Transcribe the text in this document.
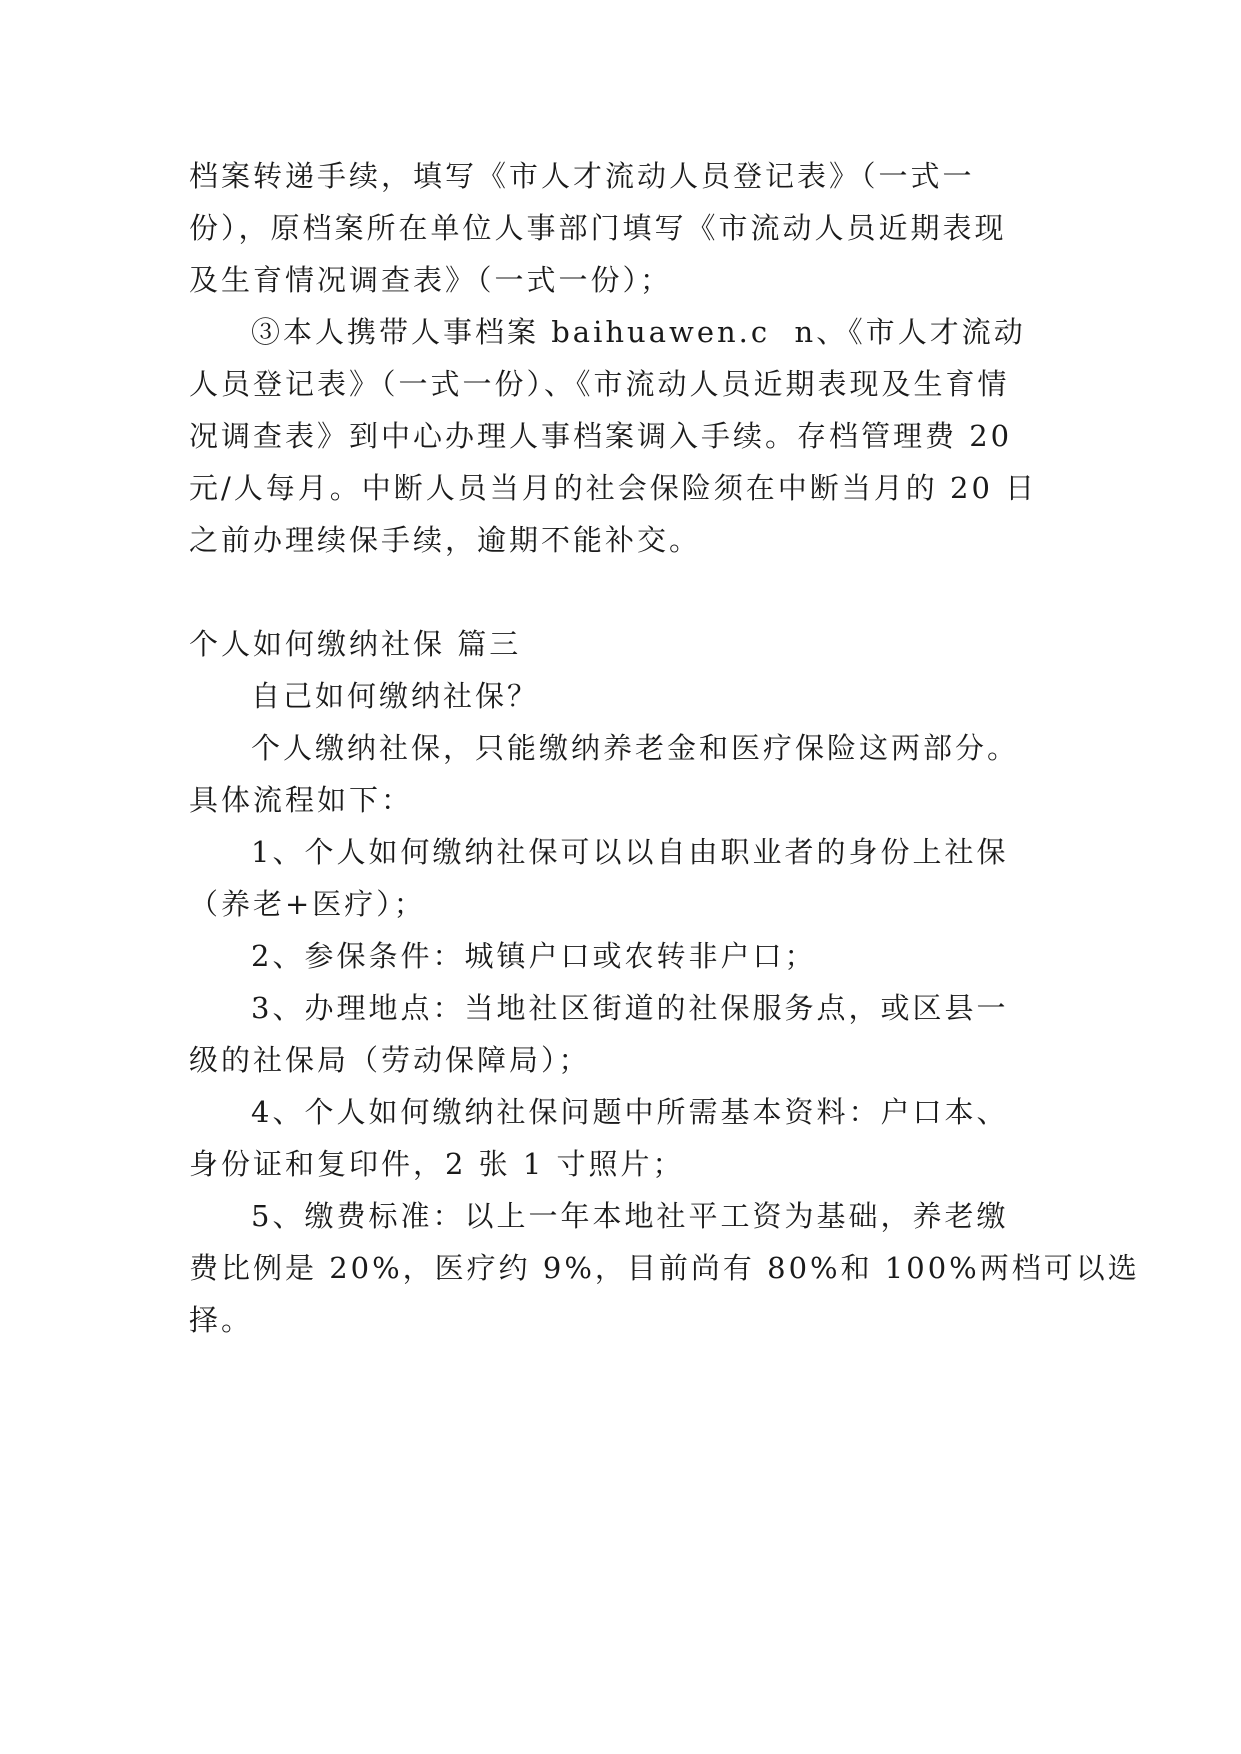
档案转递手续，填写《市人才流动人员登记表》（一式一
份），原档案所在单位人事部门填写《市流动人员近期表现
及生育情况调查表》（一式一份）；
③本人携带人事档案 baihuawen.c  n、《市人才流动
人员登记表》（一式一份）、《市流动人员近期表现及生育情
况调查表》到中心办理人事档案调入手续。存档管理费 20
元/人每月。中断人员当月的社会保险须在中断当月的 20 日
之前办理续保手续，逾期不能补交。
个人如何缴纳社保 篇三
自己如何缴纳社保？
个人缴纳社保，只能缴纳养老金和医疗保险这两部分。
具体流程如下：
1、个人如何缴纳社保可以以自由职业者的身份上社保
（养老+医疗）；
2、参保条件：城镇户口或农转非户口；
3、办理地点：当地社区街道的社保服务点，或区县一
级的社保局（劳动保障局）；
4、个人如何缴纳社保问题中所需基本资料：户口本、
身份证和复印件，2 张 1 寸照片；
5、缴费标准：以上一年本地社平工资为基础，养老缴
费比例是 20%，医疗约 9%，目前尚有 80%和 100%两档可以选
择。
